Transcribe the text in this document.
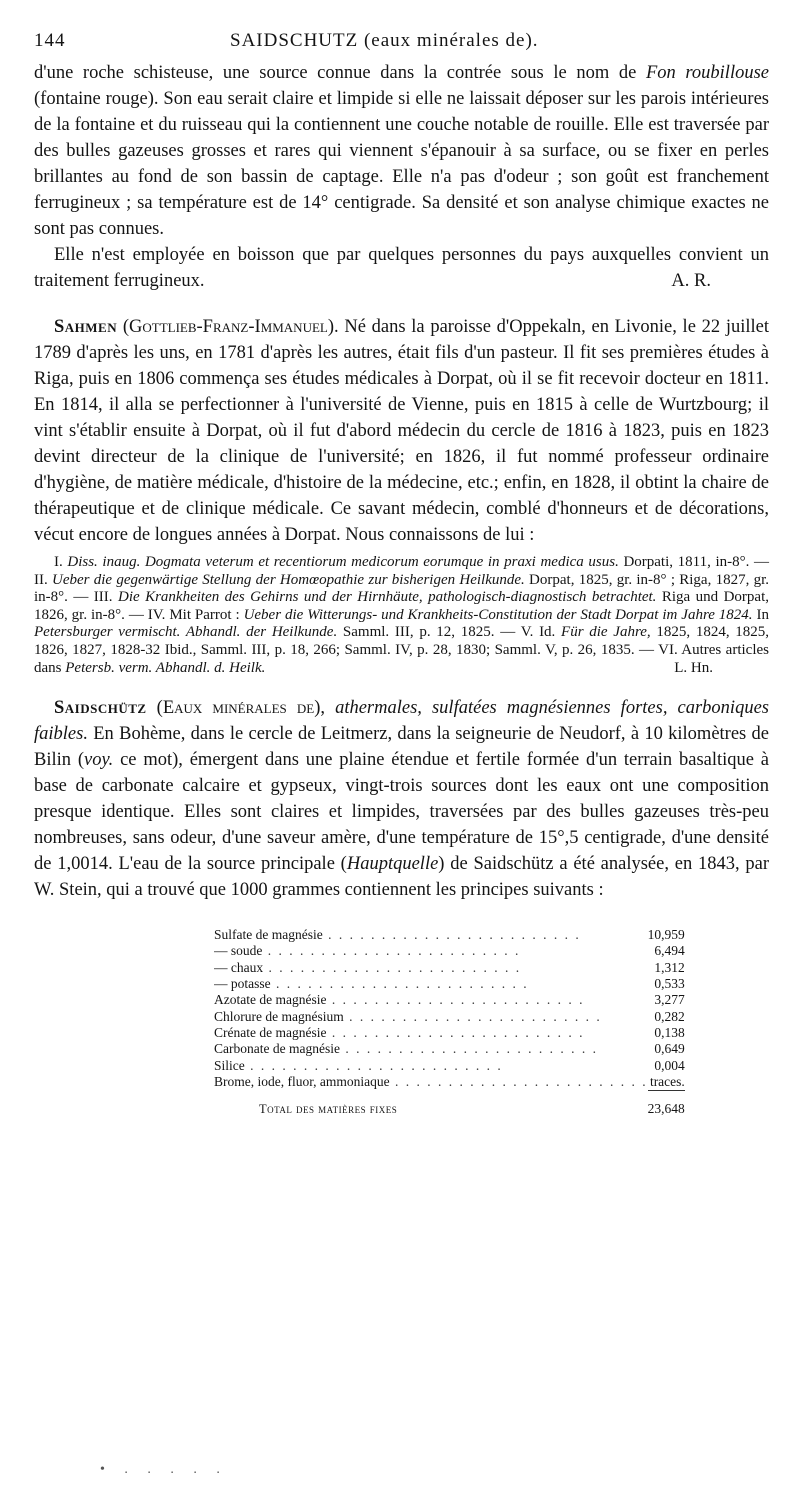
144	SAIDSCHUTZ (eaux minérales de).

d'une roche schisteuse, une source connue dans la contrée sous le nom de Fon roubillouse (fontaine rouge). Son eau serait claire et limpide si elle ne laissait déposer sur les parois intérieures de la fontaine et du ruisseau qui la contiennent une couche notable de rouille. Elle est traversée par des bulles gazeuses grosses et rares qui viennent s'épanouir à sa surface, ou se fixer en perles brillantes au fond de son bassin de captage. Elle n'a pas d'odeur ; son goût est franchement ferrugineux ; sa température est de 14° centigrade. Sa densité et son analyse chimique exactes ne sont pas connues.

Elle n'est employée en boisson que par quelques personnes du pays auxquelles convient un traitement ferrugineux.	A. R.

Sahmen (Gottlieb-Franz-Immanuel). Né dans la paroisse d'Oppekaln, en Livonie, le 22 juillet 1789 d'après les uns, en 1781 d'après les autres, était fils d'un pasteur. Il fit ses premières études à Riga, puis en 1806 commença ses études médicales à Dorpat, où il se fit recevoir docteur en 1811. En 1814, il alla se perfectionner à l'université de Vienne, puis en 1815 à celle de Wurtzbourg; il vint s'établir ensuite à Dorpat, où il fut d'abord médecin du cercle de 1816 à 1823, puis en 1823 devint directeur de la clinique de l'université; en 1826, il fut nommé professeur ordinaire d'hygiène, de matière médicale, d'histoire de la médecine, etc.; enfin, en 1828, il obtint la chaire de thérapeutique et de clinique médicale. Ce savant médecin, comblé d'honneurs et de décorations, vécut encore de longues années à Dorpat. Nous connaissons de lui :

I. Diss. inaug. Dogmata veterum et recentiorum medicorum eorumque in praxi medica usus. Dorpati, 1811, in-8°. — II. Ueber die gegenwärtige Stellung der Homœopathie zur bisherigen Heilkunde. Dorpat, 1825, gr. in-8° ; Riga, 1827, gr. in-8°. — III. Die Krankheiten des Gehirns und der Hirnhäute, pathologisch-diagnostisch betrachtet. Riga und Dorpat, 1826, gr. in-8°. — IV. Mit Parrot : Ueber die Witterungs- und Krankheits-Constitution der Stadt Dorpat im Jahre 1824. In Petersburger vermischt. Abhandl. der Heilkunde. Samml. III, p. 12, 1825. — V. Id. Für die Jahre, 1825, 1824, 1825, 1826, 1827, 1828-32 Ibid., Samml. III, p. 18, 266; Samml. IV, p. 28, 1830; Samml. V, p. 26, 1835. — VI. Autres articles dans Petersb. verm. Abhandl. d. Heilk.	L. Hn.

Saidschütz (Eaux minérales de), athermales, sulfatées magnésiennes fortes, carboniques faibles. En Bohème, dans le cercle de Leitmerz, dans la seigneurie de Neudorf, à 10 kilomètres de Bilin (voy. ce mot), émergent dans une plaine étendue et fertile formée d'un terrain basaltique à base de carbonate calcaire et gypseux, vingt-trois sources dont les eaux ont une composition presque identique. Elles sont claires et limpides, traversées par des bulles gazeuses très-peu nombreuses, sans odeur, d'une saveur amère, d'une température de 15°,5 centigrade, d'une densité de 1,0014. L'eau de la source principale (Hauptquelle) de Saidschütz a été analysée, en 1843, par W. Stein, qui a trouvé que 1000 grammes contiennent les principes suivants :

Sulfate de magnésie . . . . . . . . . . . . . . . . . . . . . . . .	10,959
— soude . . . . . . . . . . . . . . . . . . . . . . . .	6,494
— chaux . . . . . . . . . . . . . . . . . . . . . . . .	1,312
— potasse . . . . . . . . . . . . . . . . . . . . . . . .	0,533
Azotate de magnésie . . . . . . . . . . . . . . . . . . . . . . . .	3,277
Chlorure de magnésium . . . . . . . . . . . . . . . . . . . . . . . .	0,282
Crénate de magnésie . . . . . . . . . . . . . . . . . . . . . . . .	0,138
Carbonate de magnésie . . . . . . . . . . . . . . . . . . . . . . . .	0,649
Silice . . . . . . . . . . . . . . . . . . . . . . . .	0,004
Brome, iode, fluor, ammoniaque . . . . . . . . . . . . . . . . . . . . . . . .	traces.
Total des matières fixes	23,648
• . . . . .
